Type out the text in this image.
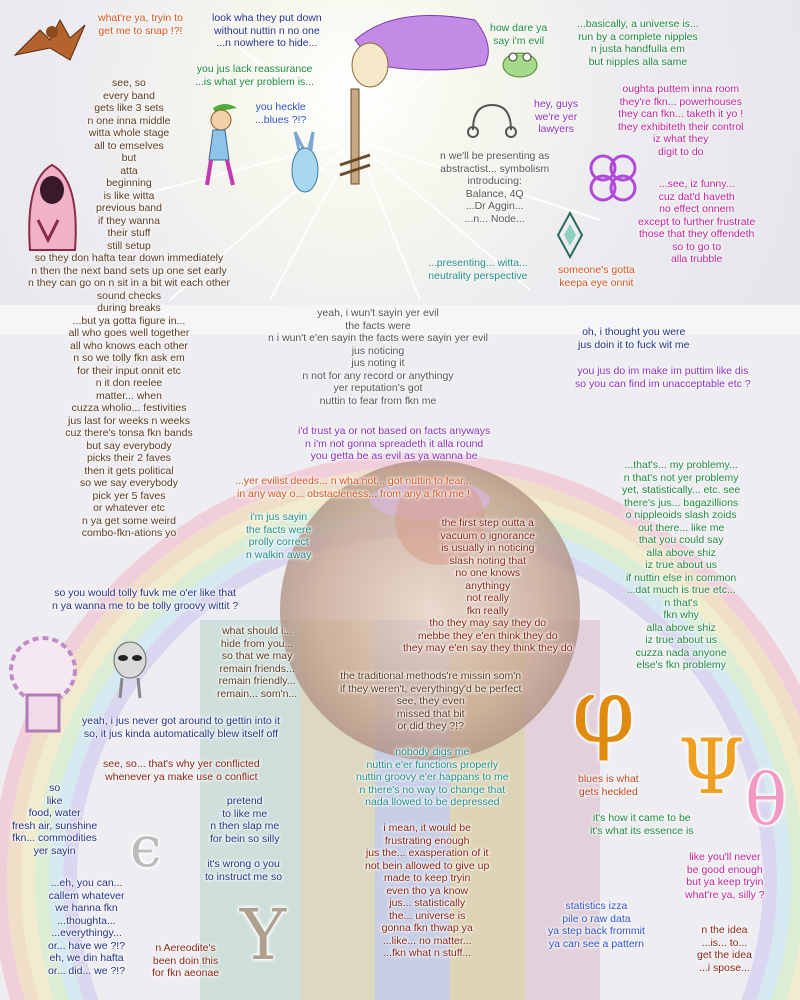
what're ya, tryin to
get me to snap !?!
look wha they put down
without nuttin n no one
...n nowhere to hide...
you jus lack reassurance
...is what yer problem is...
you heckle
...blues ?!?
how dare ya
say i'm evil
...basically, a universe is...
run by a complete nipples
n justa handfulla em
but nipples alla same
hey, guys
we're yer
lawyers
oughta puttem inna room
they're fkn... powerhouses
they can fkn... taketh it yo !
they exhibiteth their control
iz what they
digit to do
n we'll be presenting as
abstractist... symbolism
introducing:
Balance, 4Q
...Dr Aggin...
...n... Node...
...see, iz funny...
cuz dat'd haveth
no effect onnem
except to further frustrate
those that they offendeth
so to go to
alla trubble
...presenting... witta...
neutrality perspective	someone's gotta
keepa eye onnit
see, so
every band
gets like 3 sets
n one inna middle
witta whole stage
all to emselves
but
atta
beginning
is like witta
previous band
if they wanna
their stuff
still setup
so they don hafta tear down immediately
n then the next band sets up one set early
n they can go on n sit in a bit wit each other
sound checks
during breaks
...but ya gotta figure in...
all who goes well together
all who knows each other
n so we tolly fkn ask em
for their input onnit etc
n it don reelee
matter... when
cuzza wholio... festivities
jus last for weeks n weeks
cuz there's tonsa fkn bands
but say everybody
picks their 2 faves
then it gets political
so we say everybody
pick yer 5 faves
or whatever etc
n ya get some weird
combo-fkn-ations yo
yeah, i wun't sayin yer evil
the facts were
n i wun't e'en sayin the facts were sayin yer evil
jus noticing
jus noting it
n not for any record or anythingy
yer reputation's got
nuttin to fear from fkn me
oh, i thought you were
jus doin it to fuck wit me
you jus do im make im puttim like dis
so you can find im unacceptable etc ?
i'd trust ya or not based on facts anyways
n i'm not gonna spreadeth it alla round
you getta be as evil as ya wanna be
...yer evilist deeds... n wha not... got nuttin to fear...
in any way o... obstacleness... from any a fkn me !
...that's... my problemy...
n that's not yer problemy
yet, statistically... etc. see
there's jus... bagazillions
o nippleoids slash zoids
out there... like me
that you could say
alla above shiz
iz true about us
if nuttin else in common
...dat much is true etc...
n that's
fkn why
alla above shiz
iz true about us
cuzza nada anyone
else's fkn problemy
i'm jus sayin
the facts were
prolly correct
n walkin away
the first step outta a
vacuum o ignorance
is usually in noticing
slash noting that
no one knows
anythingy
not really
fkn really
tho they may say they do
mebbe they e'en think they do
they may e'en say they think they do
so you would tolly fuvk me o'er like that
n ya wanna me to be tolly groovy wittit ?
what should i...
hide from you...
so that we may
remain friends...
remain friendly...
remain... som'n...
the traditional methods're missin som'n
if they weren't, everythingy'd be perfect
see, they even
missed that bit
or did they ?!?
yeah, i jus never got around to gettin into it
so, it jus kinda automatically blew itself off
see, so... that's why yer conflicted
whenever ya make use o conflict
nobody digs me
nuttin e'er functions properly
nuttin groovy e'er happans to me
n there's no way to change that
nada llowed to be depressed
blues is what
gets heckled
it's how it came to be
it's what its essence is
so
like
food, water
fresh air, sunshine
fkn... commodities
yer sayin
pretend
to like me
n then slap me
for bein so silly
it's wrong o you
to instruct me so
i mean, it would be
frustrating enough
jus the... exasperation of it
not bein allowed to give up
made to keep tryin
even tho ya know
jus... statistically
the... universe is
gonna fkn thwap ya
...like... no matter...
...fkn what n stuff...
like you'll never
be good enough
but ya keep tryin
what're ya, silly ?
...eh, you can...
callem whatever
we hanna fkn
...thoughta...
...everythingy...
or... have we ?!?
eh, we din hafta
or... did... we ?!?
n Aereodite's
been doin this
for fkn aeonae
statistics izza
pile o raw data
ya step back frommit
ya can see a pattern
n the idea
...is... to...
get the idea
...i spose...
φ
Ψ θ
ϵ
Y
